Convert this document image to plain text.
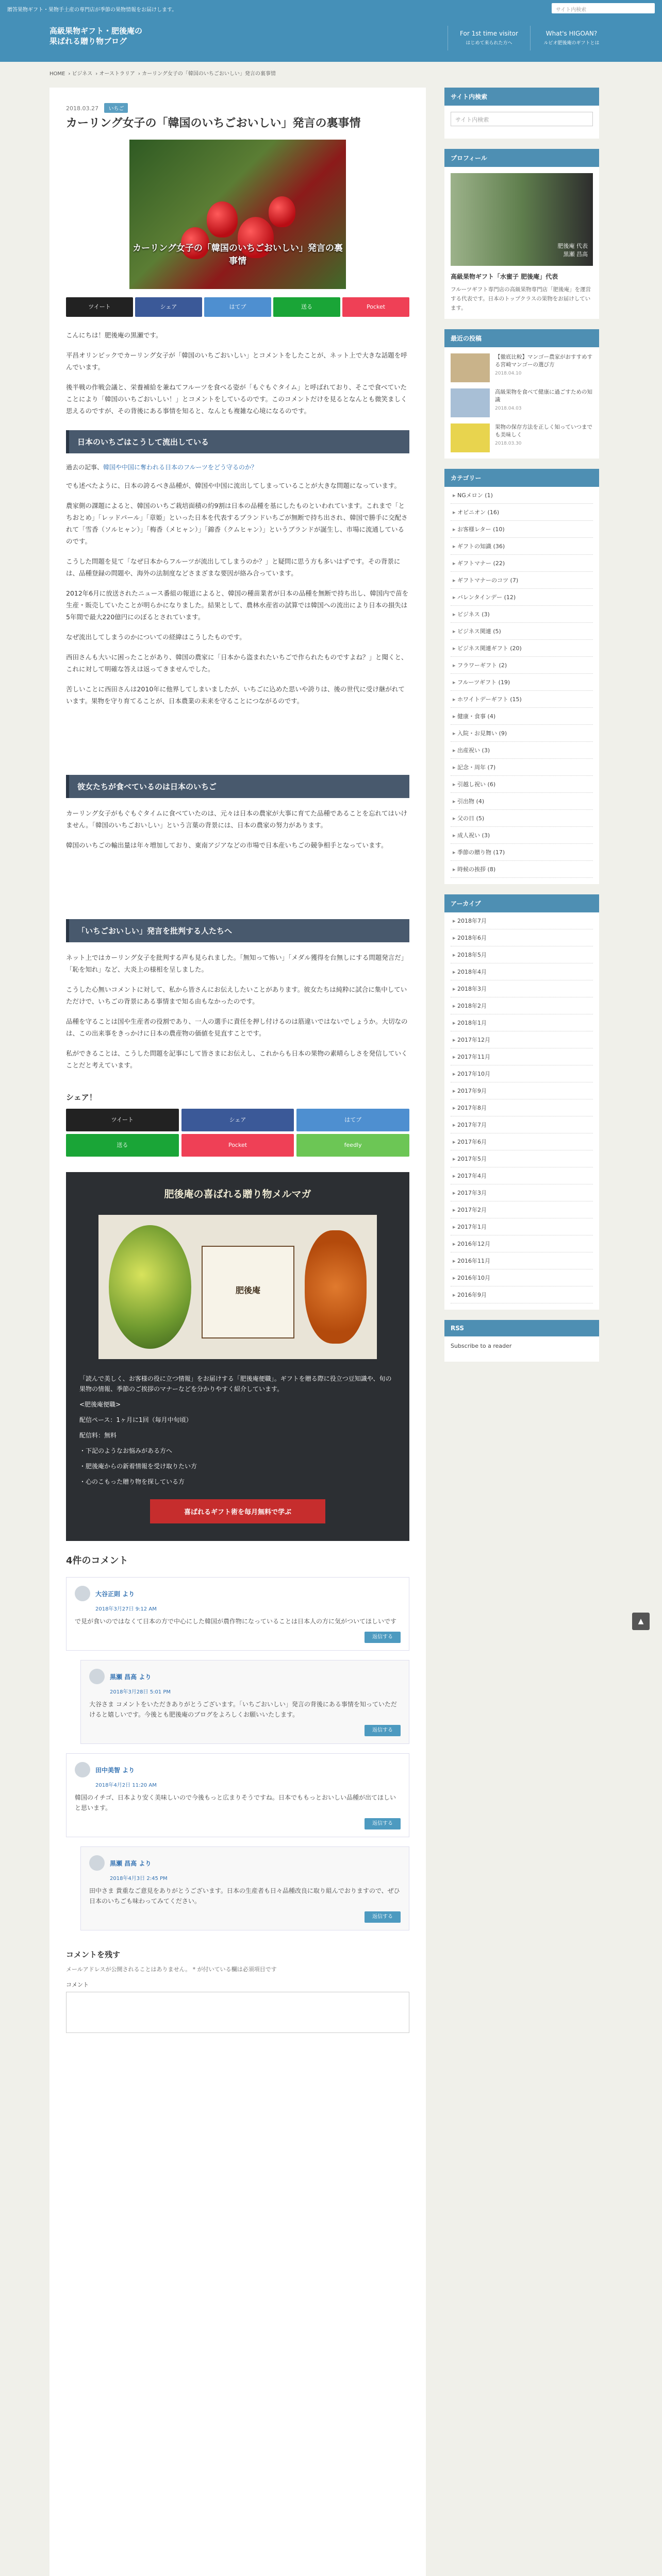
贈答果物ギフト・果物手土産の専門店が季節の果物情報をお届けします。	サイト内検索
高級果物ギフト・肥後庵の
果ばれる贈り物ブログ
For 1st time visitor
はじめて来られた方へ
What's HIGOAN?
ルビオ肥後庵のギフトとは
HOME › ビジネス › オーストラリア › カーリング女子の「韓国のいちごおいしい」発言の裏事情
2018.03.27 いちご
カーリング女子の「韓国のいちごおいしい」発言の裏事情
カーリング女子の「韓国のいちごおいしい」発言の裏事情
ツイート	シェア	はてブ	送る	Pocket

こんにちは！肥後庵の黒瀬です。

平昌オリンピックでカーリング女子が「韓国のいちごおいしい」とコメントをしたことが、ネット上で大きな話題を呼んでいます。

後半戦の作戦会議と、栄養補給を兼ねてフルーツを食べる姿が「もぐもぐタイム」と呼ばれており、そこで食べていたことにより「韓国のいちごおいしい！」とコメントをしているのです。このコメントだけを見るとなんとも微笑ましく思えるのですが、その背後にある事情を知ると、なんとも複雑な心境になるのです。

日本のいちごはこうして流出している
過去の記事、韓国や中国に奪われる日本のフルーツをどう守るのか？

でも述べたように、日本の誇るべき品種が、韓国や中国に流出してしまっていることが大きな問題になっています。

農家側の課題によると、韓国のいちご栽培面積の約9割は日本の品種を基にしたものといわれています。これまで「とちおとめ」「レッドパール」「章姫」といった日本を代表するブランドいちごが無断で持ち出され、韓国で勝手に交配されて「雪香（ソルヒャン）」「梅香（メヒャン）」「錦香（クムヒャン）」というブランドが誕生し、市場に流通しているのです。

こうした問題を見て「なぜ日本からフルーツが流出してしまうのか？」と疑問に思う方も多いはずです。その背景には、品種登録の問題や、海外の法制度などさまざまな要因が絡み合っています。

2012年6月に放送されたニュース番組の報道によると、韓国の種苗業者が日本の品種を無断で持ち出し、韓国内で苗を生産・販売していたことが明らかになりました。結果として、農林水産省の試算では韓国への流出により日本の損失は5年間で最大220億円にのぼるとされています。

なぜ流出してしまうのかについての経緯はこうしたものです。

西田さんも大いに困ったことがあり、韓国の農家に「日本から盗まれたいちごで作られたものですよね？」と聞くと、これに対して明確な答えは返ってきませんでした。

苦しいことに西田さんは2010年に他界してしまいましたが、いちごに込めた思いや誇りは、後の世代に受け継がれています。果物を守り育てることが、日本農業の未来を守ることにつながるのです。

彼女たちが食べているのは日本のいちご

カーリング女子がもぐもぐタイムに食べていたのは、元々は日本の農家が大事に育てた品種であることを忘れてはいけません。「韓国のいちごおいしい」という言葉の背景には、日本の農家の努力があります。

韓国のいちごの輸出量は年々増加しており、東南アジアなどの市場で日本産いちごの競争相手となっています。

「いちごおいしい」発言を批判する人たちへ

ネット上ではカーリング女子を批判する声も見られました。「無知って怖い」「メダル獲得を台無しにする問題発言だ」「恥を知れ」など、大炎上の様相を呈しました。

こうした心無いコメントに対して、私から皆さんにお伝えしたいことがあります。彼女たちは純粋に試合に集中していただけで、いちごの背景にある事情まで知る由もなかったのです。

品種を守ることは国や生産者の役割であり、一人の選手に責任を押し付けるのは筋違いではないでしょうか。大切なのは、この出来事をきっかけに日本の農産物の価値を見直すことです。

私ができることは、こうした問題を記事にして皆さまにお伝えし、これからも日本の果物の素晴らしさを発信していくことだと考えています。

シェア！
ツイート	シェア	はてブ
送る	Pocket	feedly
肥後庵の喜ばれる贈り物メルマガ
肥後庵

「読んで美しく、お客様の役に立つ情報」をお届けする「肥後庵便職」。ギフトを贈る際に役立つ豆知識や、旬の果物の情報、季節のご挨拶のマナーなどを分かりやすく紹介しています。

<肥後庵便職>

配信ペース：1ヶ月に1回（毎月中旬頃）

配信料：無料

・下記のようなお悩みがある方へ

・肥後庵からの新着情報を受け取りたい方

・心のこもった贈り物を探している方

喜ばれるギフト術を毎月無料で学ぶ
4件のコメント
大谷正則 より
2018年3月27日 9:12 AM
で見が食いのではなくて日本の方で中心にした韓国が農作物になっていることは日本人の方に気がついてほしいです
返信する
黒瀬 昌高 より
2018年3月28日 5:01 PM
大谷さま コメントをいただきありがとうございます。「いちごおいしい」発言の背後にある事情を知っていただけると嬉しいです。今後とも肥後庵のブログをよろしくお願いいたします。
返信する
田中美智 より
2018年4月2日 11:20 AM
韓国のイチゴ、日本より安く美味しいので今後もっと広まりそうですね。日本でももっとおいしい品種が出てほしいと思います。
返信する
黒瀬 昌高 より
2018年4月3日 2:45 PM
田中さま 貴重なご意見をありがとうございます。日本の生産者も日々品種改良に取り組んでおりますので、ぜひ日本のいちごも味わってみてください。
返信する
コメントを残す
メールアドレスが公開されることはありません。 * が付いている欄は必須項目です
コメント
サイト内検索
サイト内検索
プロフィール
肥後庵 代表
黒瀬 昌高
高級果物ギフト「水蜜子 肥後庵」代表
フルーツギフト専門店の高級果物専門店「肥後庵」を運営する代表です。日本のトップクラスの果物をお届けしています。
最近の投稿
【徹底比較】マンゴー農家がおすすめする宮崎マンゴーの選び方
2018.04.10
高級果物を食べて健康に過ごすための知識
2018.04.03
果物の保存方法を正しく知っていつまでも美味しく
2018.03.30
カテゴリー
▸ NGメロン (1)
▸ オピニオン (16)
▸ お客様レター (10)
▸ ギフトの知識 (36)
▸ ギフトマナー (22)
▸ ギフトマナーのコツ (7)
▸ バレンタインデー (12)
▸ ビジネス (3)
▸ ビジネス関連 (5)
▸ ビジネス関連ギフト (20)
▸ フラワーギフト (2)
▸ フルーツギフト (19)
▸ ホワイトデーギフト (15)
▸ 健康・食事 (4)
▸ 入院・お見舞い (9)
▸ 出産祝い (3)
▸ 記念・周年 (7)
▸ 引越し祝い (6)
▸ 引出物 (4)
▸ 父の日 (5)
▸ 成人祝い (3)
▸ 季節の贈り物 (17)
▸ 時候の挨拶 (8)
アーカイブ
▸ 2018年7月
▸ 2018年6月
▸ 2018年5月
▸ 2018年4月
▸ 2018年3月
▸ 2018年2月
▸ 2018年1月
▸ 2017年12月
▸ 2017年11月
▸ 2017年10月
▸ 2017年9月
▸ 2017年8月
▸ 2017年7月
▸ 2017年6月
▸ 2017年5月
▸ 2017年4月
▸ 2017年3月
▸ 2017年2月
▸ 2017年1月
▸ 2016年12月
▸ 2016年11月
▸ 2016年10月
▸ 2016年9月
RSS
Subscribe to a reader
▲
